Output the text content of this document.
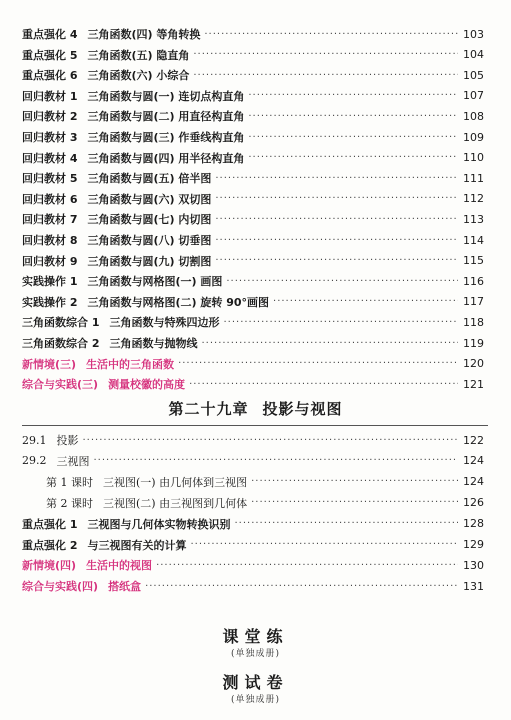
重点强化 4 三角函数(四) 等角转换 ·····	103
重点强化 5 三角函数(五) 隐直角 ·····	104
重点强化 6 三角函数(六) 小综合 ·····	105
回归教材 1 三角函数与圆(一) 连切点构直角 ·····	107
回归教材 2 三角函数与圆(二) 用直径构直角 ·····	108
回归教材 3 三角函数与圆(三) 作垂线构直角 ·····	109
回归教材 4 三角函数与圆(四) 用半径构直角 ·····	110
回归教材 5 三角函数与圆(五) 倍半图 ·····	111
回归教材 6 三角函数与圆(六) 双切图 ·····	112
回归教材 7 三角函数与圆(七) 内切图 ·····	113
回归教材 8 三角函数与圆(八) 切垂图 ·····	114
回归教材 9 三角函数与圆(九) 切割图 ·····	115
实践操作 1 三角函数与网格图(一) 画图 ·····	116
实践操作 2 三角函数与网格图(二) 旋转 90°画图 ·····	117
三角函数综合 1 三角函数与特殊四边形 ·····	118
三角函数综合 2 三角函数与抛物线 ·····	119
新情境(三) 生活中的三角函数 ·····	120
综合与实践(三) 测量校徽的高度 ·····	121
第二十九章 投影与视图
29.1 投影 ·····	122
29.2 三视图 ·····	124
第 1 课时 三视图(一) 由几何体到三视图 ·····	124
第 2 课时 三视图(二) 由三视图到几何体 ·····	126
重点强化 1 三视图与几何体实物转换识别 ·····	128
重点强化 2 与三视图有关的计算 ·····	129
新情境(四) 生活中的视图 ·····	130
综合与实践(四) 搭纸盒 ·····	131
课堂练
(单独成册)
测试卷
(单独成册)
